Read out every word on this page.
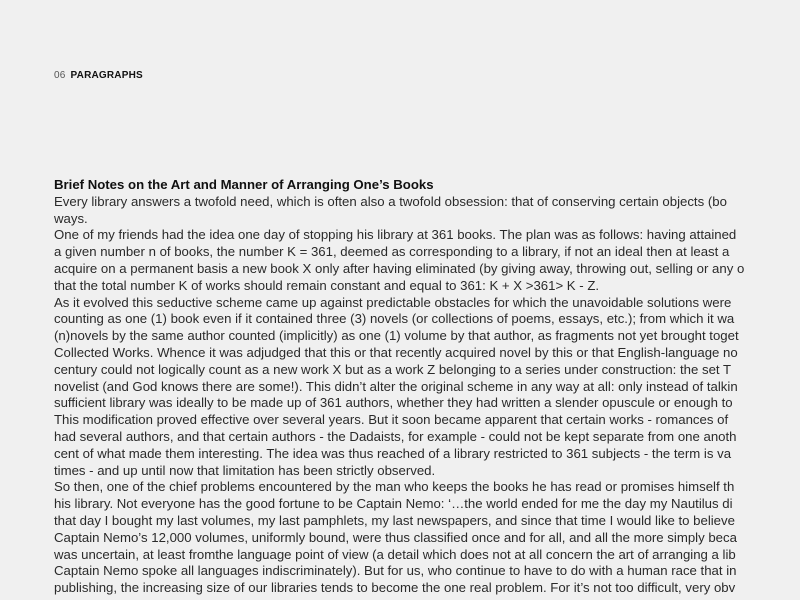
06 PARAGRAPHS
Brief Notes on the Art and Manner of Arranging One’s Books
Every library answers a twofold need, which is often also a twofold obsession: that of conserving certain objects (bo
ways.
One of my friends had the idea one day of stopping his library at 361 books. The plan was as follows: having attained
a given number n of books, the number K = 361, deemed as corresponding to a library, if not an ideal then at least a
acquire on a permanent basis a new book X only after having eliminated (by giving away, throwing out, selling or any o
that the total number K of works should remain constant and equal to 361: K + X >361> K - Z.
As it evolved this seductive scheme came up against predictable obstacles for which the unavoidable solutions were
counting as one (1) book even if it contained three (3) novels (or collections of poems, essays, etc.); from which it wa
(n)novels by the same author counted (implicitly) as one (1) volume by that author, as fragments not yet brought toget
Collected Works. Whence it was adjudged that this or that recently acquired novel by this or that English-language no
century could not logically count as a new work X but as a work Z belonging to a series under construction: the set T
novelist (and God knows there are some!). This didn’t alter the original scheme in any way at all: only instead of talkin
sufficient library was ideally to be made up of 361 authors, whether they had written a slender opuscule or enough to
This modification proved effective over several years. But it soon became apparent that certain works - romances of
had several authors, and that certain authors - the Dadaists, for example - could not be kept separate from one anoth
cent of what made them interesting. The idea was thus reached of a library restricted to 361 subjects - the term is va
times - and up until now that limitation has been strictly observed.
So then, one of the chief problems encountered by the man who keeps the books he has read or promises himself th
his library. Not everyone has the good fortune to be Captain Nemo: ‘…the world ended for me the day my Nautilus di
that day I bought my last volumes, my last pamphlets, my last newspapers, and since that time I would like to believe
Captain Nemo’s 12,000 volumes, uniformly bound, were thus classified once and for all, and all the more simply beca
was uncertain, at least fromthe language point of view (a detail which does not at all concern the art of arranging a lib
Captain Nemo spoke all languages indiscriminately). But for us, who continue to have to do with a human race that in
publishing, the increasing size of our libraries tends to become the one real problem. For it’s not too difficult, very obv
